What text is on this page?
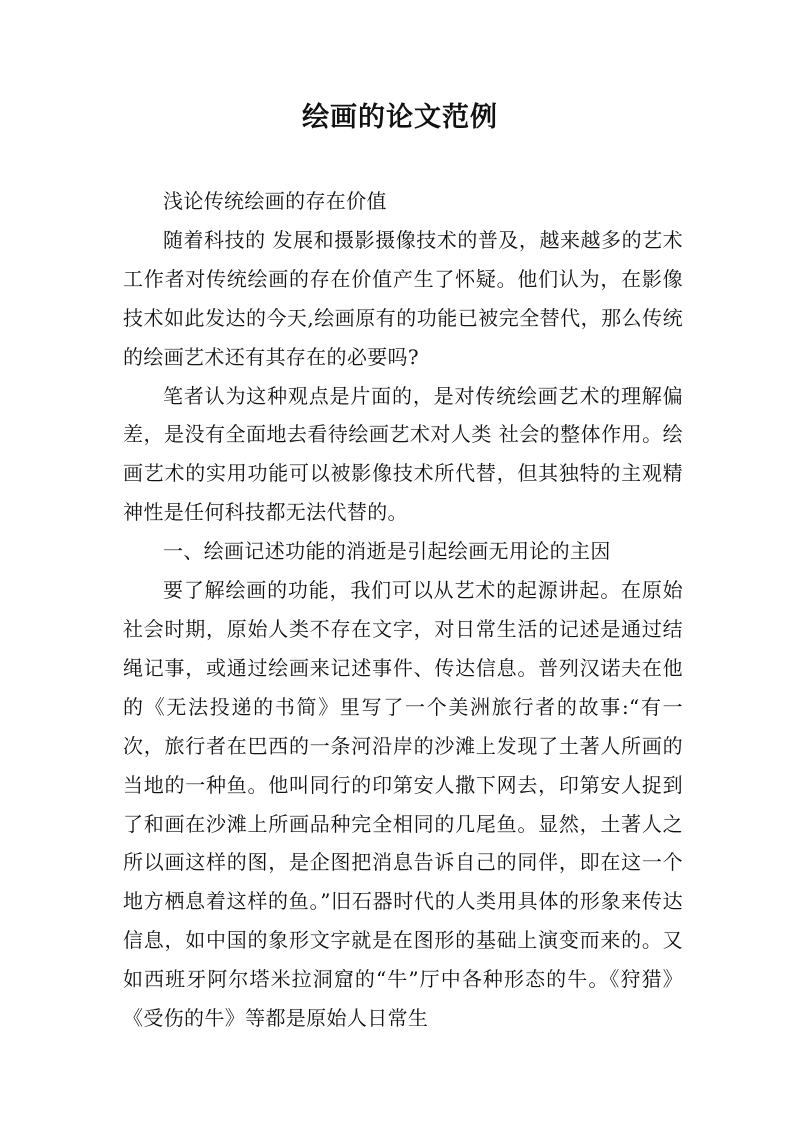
绘画的论文范例

浅论传统绘画的存在价值

随着科技的 发展和摄影摄像技术的普及，越来越多的艺术 工作者对传统绘画的存在价值产生了怀疑。他们认为，在影像技术如此发达的今天,绘画原有的功能已被完全替代，那么传统的绘画艺术还有其存在的必要吗?

笔者认为这种观点是片面的，是对传统绘画艺术的理解偏差，是没有全面地去看待绘画艺术对人类 社会的整体作用。绘画艺术的实用功能可以被影像技术所代替，但其独特的主观精神性是任何科技都无法代替的。

一、绘画记述功能的消逝是引起绘画无用论的主因

要了解绘画的功能，我们可以从艺术的起源讲起。在原始社会时期，原始人类不存在文字，对日常生活的记述是通过结绳记事，或通过绘画来记述事件、传达信息。普列汉诺夫在他的《无法投递的书简》里写了一个美洲旅行者的故事:“有一次，旅行者在巴西的一条河沿岸的沙滩上发现了土著人所画的当地的一种鱼。他叫同行的印第安人撒下网去，印第安人捉到了和画在沙滩上所画品种完全相同的几尾鱼。显然，土著人之所以画这样的图，是企图把消息告诉自己的同伴，即在这一个地方栖息着这样的鱼。”旧石器时代的人类用具体的形象来传达信息，如中国的象形文字就是在图形的基础上演变而来的。又如西班牙阿尔塔米拉洞窟的“牛”厅中各种形态的牛。《狩猎》《受伤的牛》等都是原始人日常生
